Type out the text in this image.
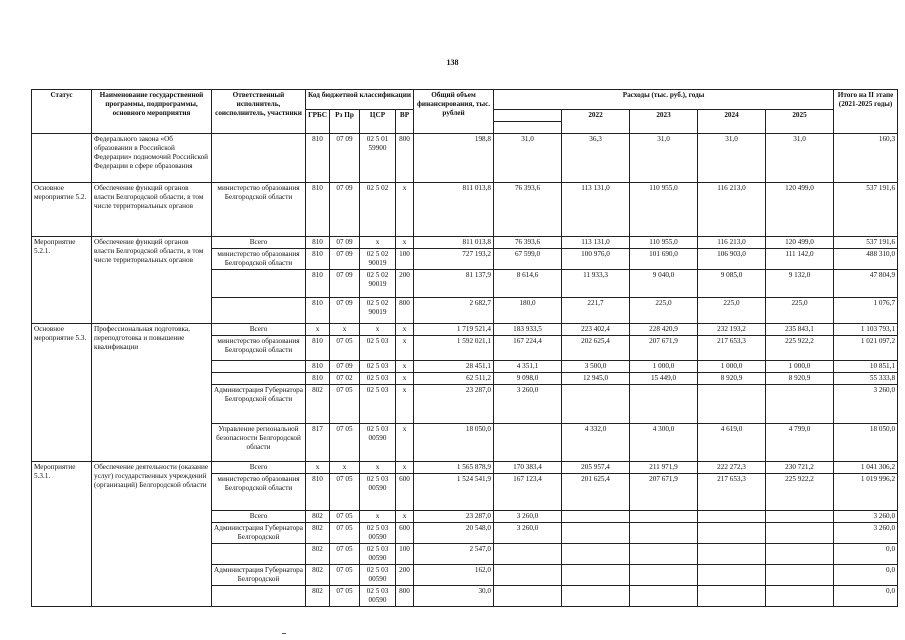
138
Статус	Наименование государственной программы, подпрограммы, основного мероприятия	Ответственный исполнитель, соисполнитель, участники	Код бюджетной классификации				Общий объем финансирования, тыс. рублей	Расходы (тыс. руб.), годы					Итого на II этапе (2021-2025 годы)
			ГРБС	Рз Пр	ЦСР	ВР			2022	2023	2024	2025	

	Федерального закона «Об образовании в Российской Федерации» подномочий Российской Федерации в сфере образования		810	07 09	02 5 01 59900	800	198,8	31,0	36,3	31,0	31,0	31,0	160,3
Основное мероприятие 5.2.	Обеспечение функций органов власти Белгородской области, в том числе территориальных органов	министерство образования Белгородской области	810	07 09	02 5 02	х	811 013,8	76 393,6	113 131,0	110 955,0	116 213,0	120 499,0	537 191,6
Мероприятие 5.2.1.	Обеспечение функций органов власти Белгородской области, в том числе территориальных органов	Всего	810	07 09	х	х	811 013,8	76 393,6	113 131,0	110 955,0	116 213,0	120 499,0	537 191,6
		министерство образования Белгородской области	810	07 09	02 5 02 90019	100	727 193,2	67 599,0	100 976,0	101 690,0	106 903,0	111 142,0	488 310,0
			810	07 09	02 5 02 90019	200	81 137,9	8 614,6	11 933,3	9 040,0	9 085,0	9 132,0	47 804,9
			810	07 09	02 5 02 90019	800	2 682,7	180,0	221,7	225,0	225,0	225,0	1 076,7
Основное мероприятие 5.3.	Профессиональная подготовка, переподготовка и повышение квалификации	Всего	х	х	х	х	1 719 521,4	183 933,5	223 402,4	228 420,9	232 193,2	235 843,1	1 103 793,1
		министерство образования Белгородской области	810	07 05	02 5 03	х	1 592 021,1	167 224,4	202 625,4	207 671,9	217 653,3	225 922,2	1 021 097,2
			810	07 09	02 5 03	х	28 451,1	4 351,1	3 500,0	1 000,0	1 000,0	1 000,0	10 851,1
			810	07 02	02 5 03	х	62 511,2	9 098,0	12 945,0	15 449,0	8 920,9	8 920,9	55 333,8
		Администрация Губернатора Белгородской области	802	07 05	02 5 03	х	23 287,0	3 260,0					3 260,0
		Управление региональной безопасности Белгородской области	817	07 05	02 5 03 00590	х	18 050,0		4 332,0	4 300,0	4 619,0	4 799,0	18 050,0
Мероприятие 5.3.1.	Обеспечение деятельности (оказание услуг) государственных учреждений (организаций) Белгородской области	Всего	х	х	х	х	1 565 878,9	170 383,4	205 957,4	211 971,9	222 272,3	230 721,2	1 041 306,2
		министерство образования Белгородской области	810	07 05	02 5 03 00590	600	1 524 541,9	167 123,4	201 625,4	207 671,9	217 653,3	225 922,2	1 019 996,2
		Всего	802	07 05	х	х	23 287,0	3 260,0					3 260,0
		Администрация Губернатора Белгородской	802	07 05	02 5 03 00590	600	20 548,0	3 260,0					3 260,0
			802	07 05	02 5 03 00590	100	2 547,0						0,0
		Администрация Губернатора Белгородской	802	07 05	02 5 03 00590	200	162,0						0,0
			802	07 05	02 5 03 00590	800	30,0						0,0
